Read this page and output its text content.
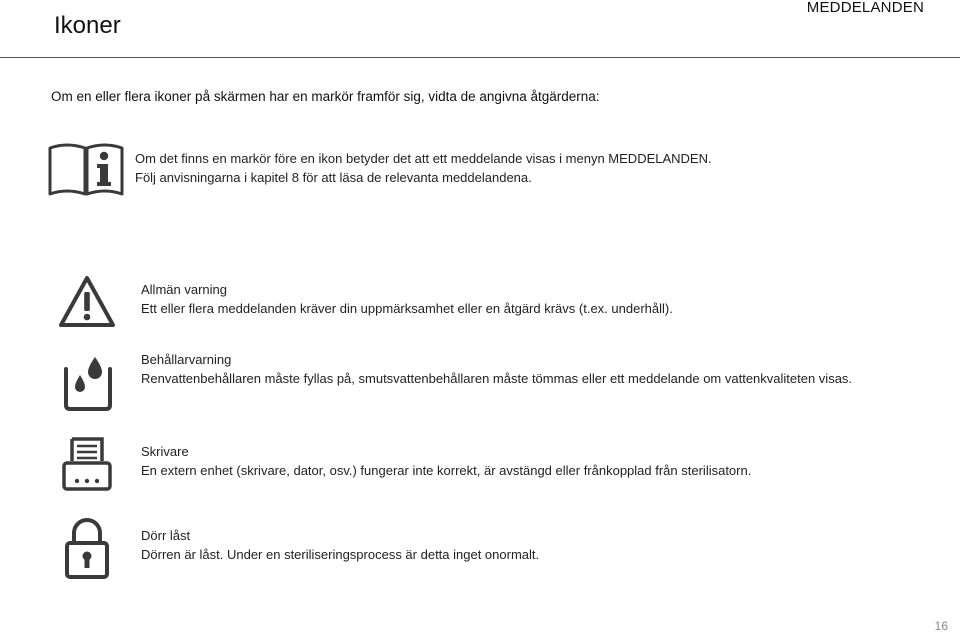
Ikoner
MEDDELANDEN
Om en eller flera ikoner på skärmen har en markör framför sig, vidta de angivna åtgärderna:
Om det finns en markör före en ikon betyder det att ett meddelande visas i menyn MEDDELANDEN.
Följ anvisningarna i kapitel 8 för att läsa de relevanta meddelandena.
Allmän varning
Ett eller flera meddelanden kräver din uppmärksamhet eller en åtgärd krävs (t.ex. underhåll).
Behållarvarning
Renvattenbehållaren måste fyllas på, smutsvattenbehållaren måste tömmas eller ett meddelande om vattenkvaliteten visas.
Skrivare
En extern enhet (skrivare, dator, osv.) fungerar inte korrekt, är avstängd eller frånkopplad från sterilisatorn.
Dörr låst
Dörren är låst. Under en steriliseringsprocess är detta inget onormalt.
16
